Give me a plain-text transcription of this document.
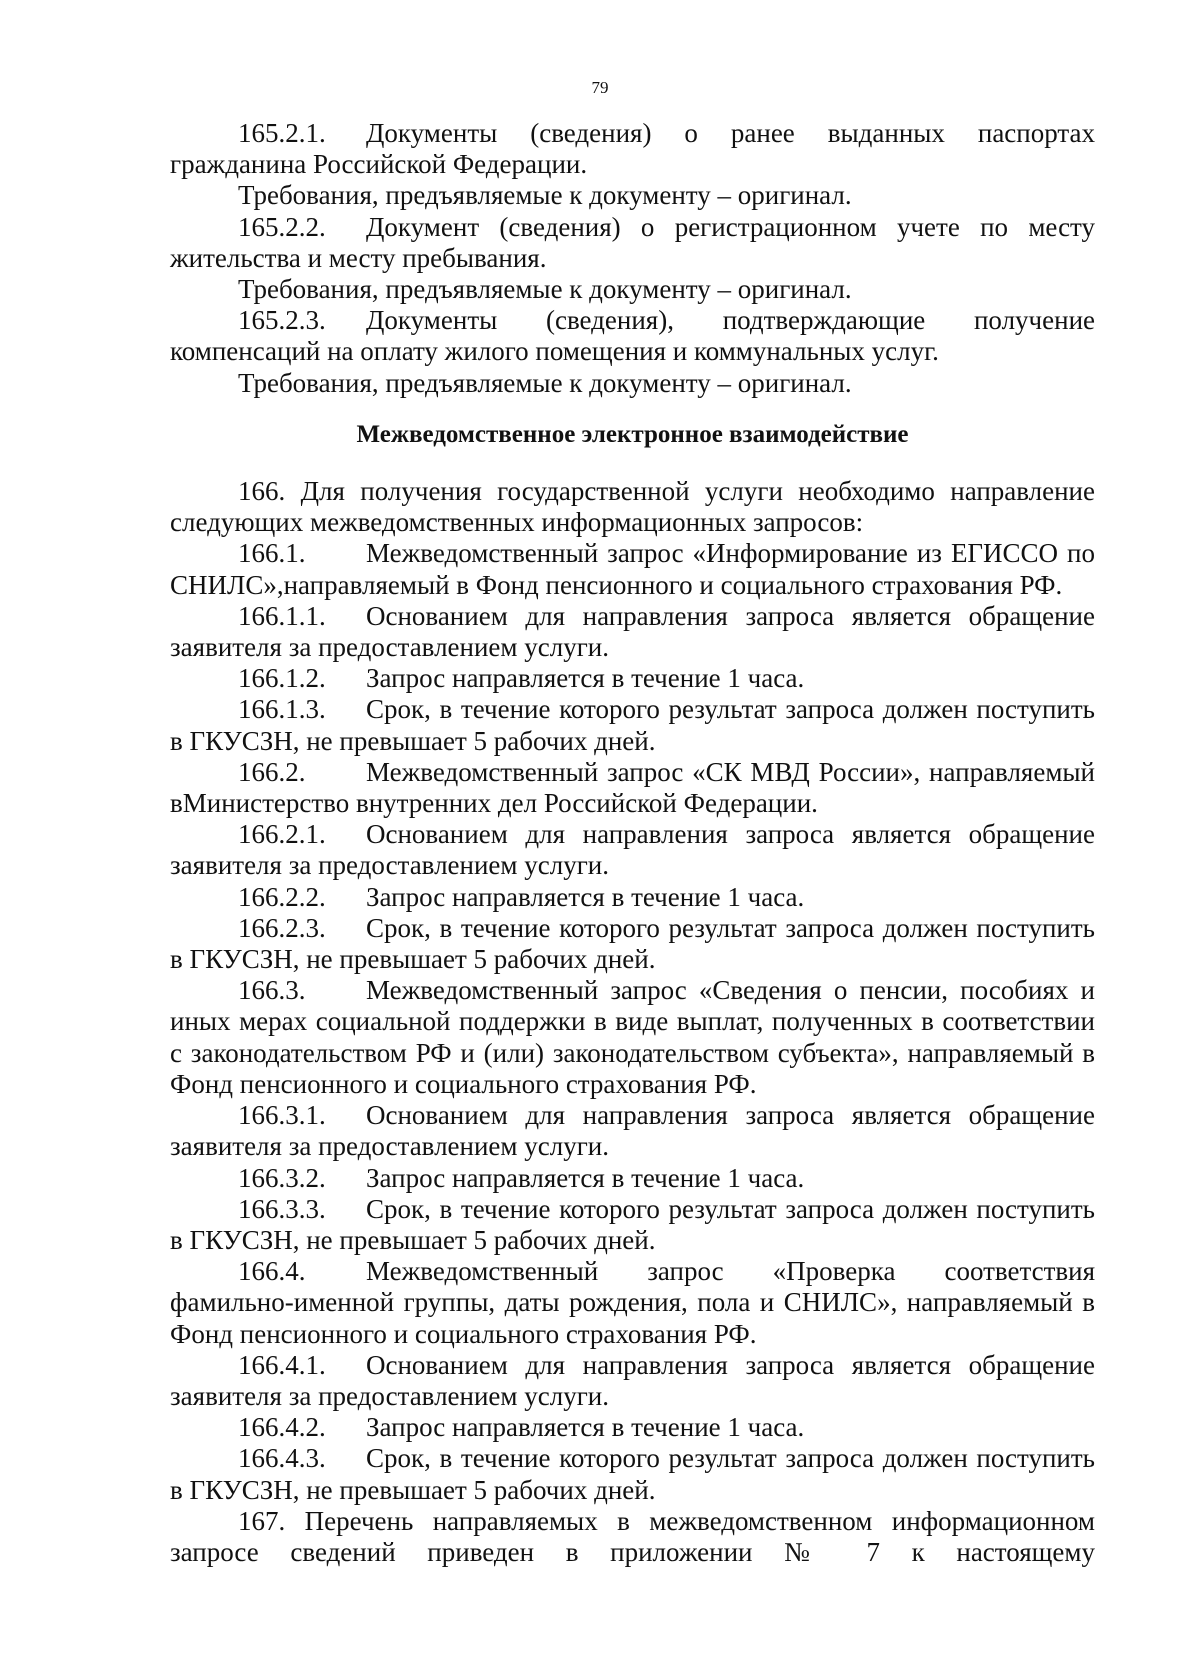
79

165.2.1. Документы (сведения) о ранее выданных паспортах гражданина Российской Федерации.

Требования, предъявляемые к документу – оригинал.

165.2.2. Документ (сведения) о регистрационном учете по месту жительства и месту пребывания.

Требования, предъявляемые к документу – оригинал.

165.2.3. Документы (сведения), подтверждающие получение компенсаций на оплату жилого помещения и коммунальных услуг.

Требования, предъявляемые к документу – оригинал.

Межведомственное электронное взаимодействие

166. Для получения государственной услуги необходимо направление следующих межведомственных информационных запросов:

166.1. Межведомственный запрос «Информирование из ЕГИССО по СНИЛС»,направляемый в Фонд пенсионного и социального страхования РФ.

166.1.1. Основанием для направления запроса является обращение заявителя за предоставлением услуги.

166.1.2. Запрос направляется в течение 1 часа.

166.1.3. Срок, в течение которого результат запроса должен поступить в ГКУСЗН, не превышает 5 рабочих дней.

166.2. Межведомственный запрос «СК МВД России», направляемый вМинистерство внутренних дел Российской Федерации.

166.2.1. Основанием для направления запроса является обращение заявителя за предоставлением услуги.

166.2.2. Запрос направляется в течение 1 часа.

166.2.3. Срок, в течение которого результат запроса должен поступить в ГКУСЗН, не превышает 5 рабочих дней.

166.3. Межведомственный запрос «Сведения о пенсии, пособиях и иных мерах социальной поддержки в виде выплат, полученных в соответствии с законодательством РФ и (или) законодательством субъекта», направляемый в Фонд пенсионного и социального страхования РФ.

166.3.1. Основанием для направления запроса является обращение заявителя за предоставлением услуги.

166.3.2. Запрос направляется в течение 1 часа.

166.3.3. Срок, в течение которого результат запроса должен поступить в ГКУСЗН, не превышает 5 рабочих дней.

166.4. Межведомственный запрос «Проверка соответствия фамильно-именной группы, даты рождения, пола и СНИЛС», направляемый в Фонд пенсионного и социального страхования РФ.

166.4.1. Основанием для направления запроса является обращение заявителя за предоставлением услуги.

166.4.2. Запрос направляется в течение 1 часа.

166.4.3. Срок, в течение которого результат запроса должен поступить в ГКУСЗН, не превышает 5 рабочих дней.

167. Перечень направляемых в межведомственном информационном запросе сведений приведен в приложении № 7 к настоящему
